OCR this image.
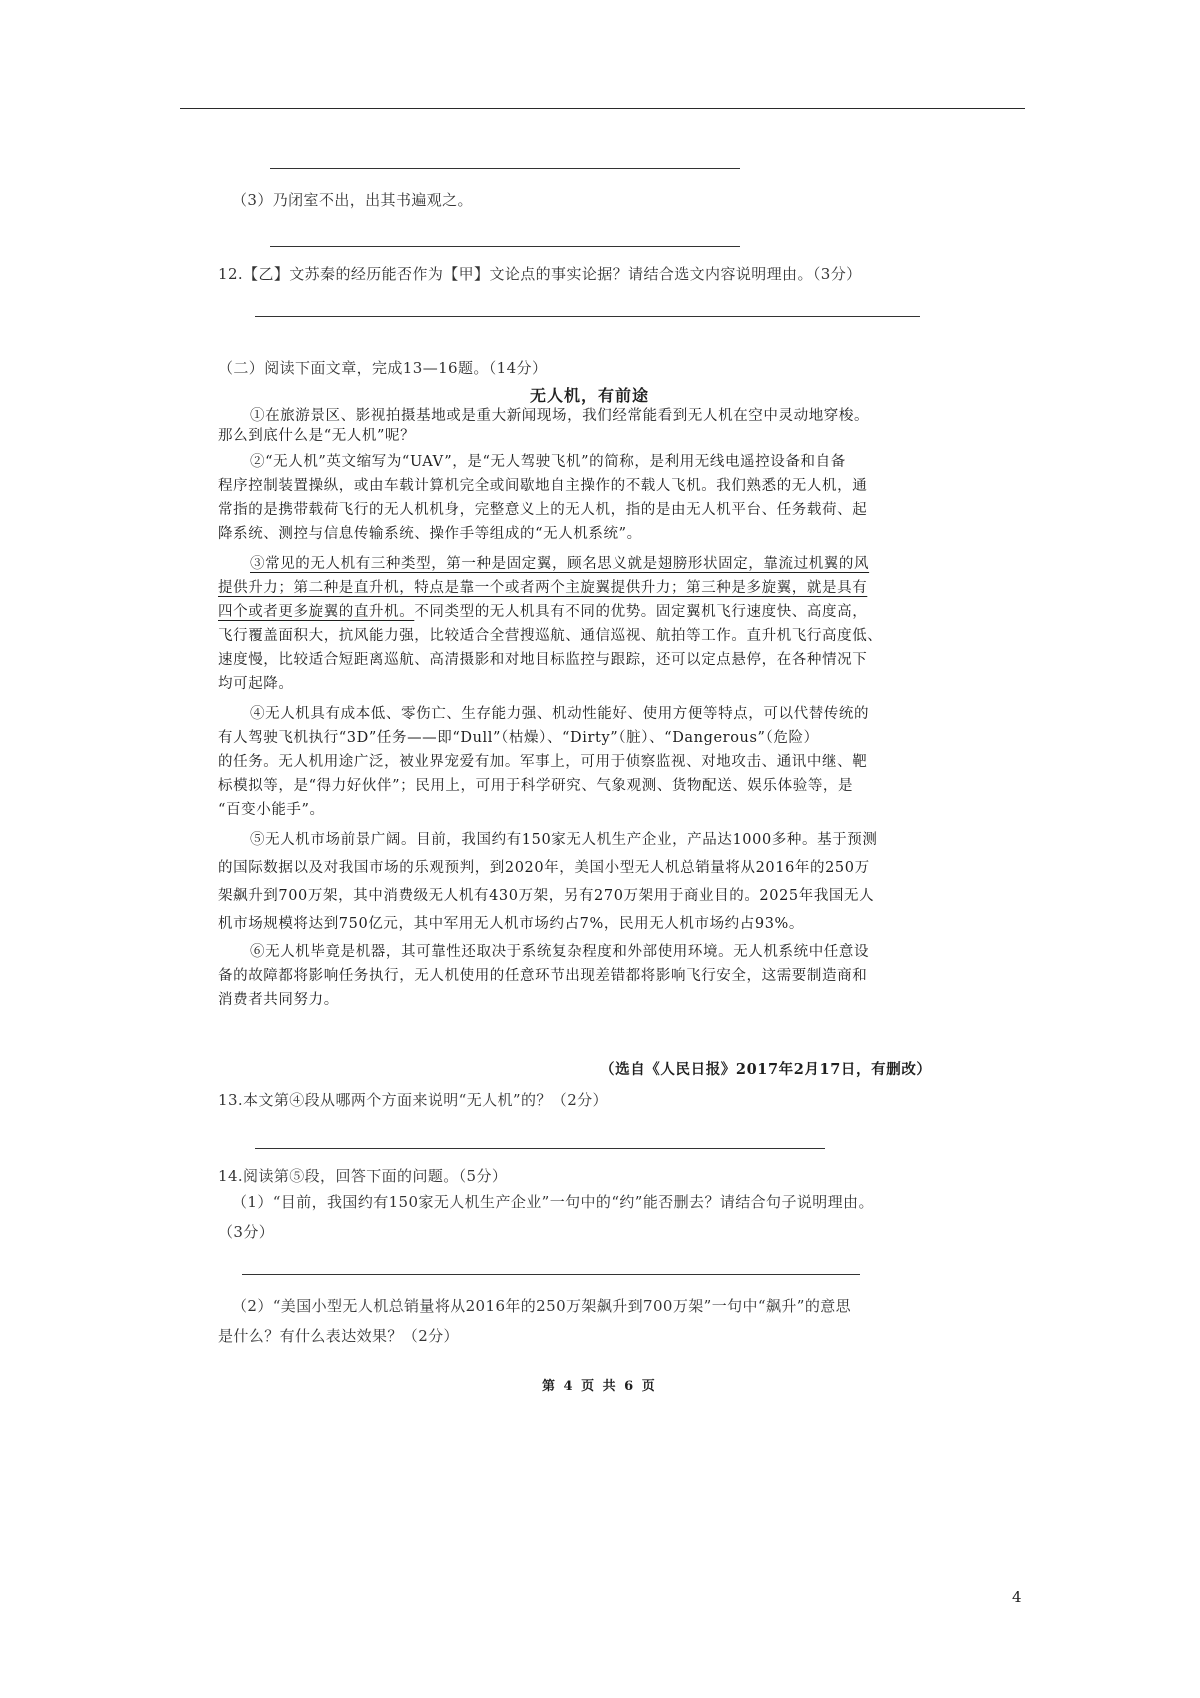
（3）乃闭室不出，出其书遍观之。
12.【乙】文苏秦的经历能否作为【甲】文论点的事实论据？请结合选文内容说明理由。（3分）
（二）阅读下面文章，完成13—16题。（14分）
无人机，有前途

①在旅游景区、影视拍摄基地或是重大新闻现场，我们经常能看到无人机在空中灵动地穿梭。

那么到底什么是“无人机”呢？

②“无人机”英文缩写为“UAV”，是“无人驾驶飞机”的简称，是利用无线电遥控设备和自备

程序控制装置操纵，或由车载计算机完全或间歇地自主操作的不载人飞机。我们熟悉的无人机，通

常指的是携带载荷飞行的无人机机身，完整意义上的无人机，指的是由无人机平台、任务载荷、起

降系统、测控与信息传输系统、操作手等组成的“无人机系统”。

③常见的无人机有三种类型，第一种是固定翼，顾名思义就是翅膀形状固定，靠流过机翼的风

提供升力；第二种是直升机，特点是靠一个或者两个主旋翼提供升力；第三种是多旋翼，就是具有

四个或者更多旋翼的直升机。不同类型的无人机具有不同的优势。固定翼机飞行速度快、高度高，

飞行覆盖面积大，抗风能力强，比较适合全营搜巡航、通信巡视、航拍等工作。直升机飞行高度低、

速度慢，比较适合短距离巡航、高清摄影和对地目标监控与跟踪，还可以定点悬停，在各种情况下

均可起降。

④无人机具有成本低、零伤亡、生存能力强、机动性能好、使用方便等特点，可以代替传统的

有人驾驶飞机执行“3D”任务——即“Dull”（枯燥）、“Dirty”（脏）、“Dangerous”（危险）

的任务。无人机用途广泛，被业界宠爱有加。军事上，可用于侦察监视、对地攻击、通讯中继、靶

标模拟等，是“得力好伙伴”；民用上，可用于科学研究、气象观测、货物配送、娱乐体验等，是

“百变小能手”。

⑤无人机市场前景广阔。目前，我国约有150家无人机生产企业，产品达1000多种。基于预测

的国际数据以及对我国市场的乐观预判，到2020年，美国小型无人机总销量将从2016年的250万

架飙升到700万架，其中消费级无人机有430万架，另有270万架用于商业目的。2025年我国无人

机市场规模将达到750亿元，其中军用无人机市场约占7%，民用无人机市场约占93%。

⑥无人机毕竟是机器，其可靠性还取决于系统复杂程度和外部使用环境。无人机系统中任意设

备的故障都将影响任务执行，无人机使用的任意环节出现差错都将影响飞行安全，这需要制造商和

消费者共同努力。

（选自《人民日报》2017年2月17日，有删改）
13.本文第④段从哪两个方面来说明“无人机”的？（2分）
14.阅读第⑤段，回答下面的问题。（5分）
（1）“目前，我国约有150家无人机生产企业”一句中的“约”能否删去？请结合句子说明理由。
（3分）
（2）“美国小型无人机总销量将从2016年的250万架飙升到700万架”一句中“飙升”的意思
是什么？有什么表达效果？（2分）
第 4 页 共 6 页
4
